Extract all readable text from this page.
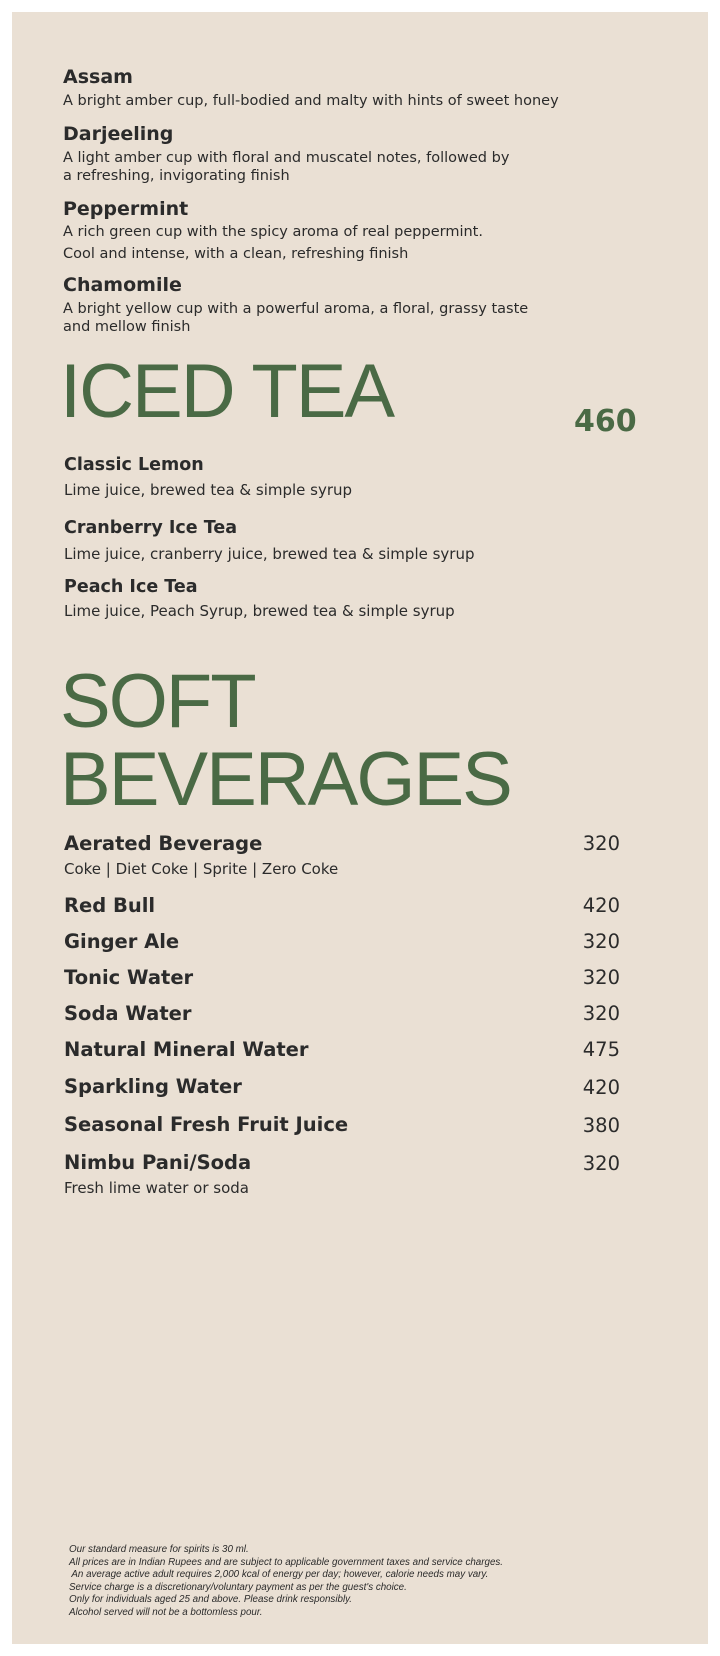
Assam
A bright amber cup, full-bodied and malty with hints of sweet honey
Darjeeling
A light amber cup with floral and muscatel notes, followed by
a refreshing, invigorating finish
Peppermint
A rich green cup with the spicy aroma of real peppermint.
Cool and intense, with a clean, refreshing finish
Chamomile
A bright yellow cup with a powerful aroma, a floral, grassy taste
and mellow finish
ICED TEA	460
Classic Lemon
Lime juice, brewed tea & simple syrup
Cranberry Ice Tea
Lime juice, cranberry juice, brewed tea & simple syrup
Peach Ice Tea
Lime juice, Peach Syrup, brewed tea & simple syrup
SOFT
BEVERAGES
Aerated Beverage	320
Coke | Diet Coke | Sprite | Zero Coke
Red Bull	420
Ginger Ale	320
Tonic Water	320
Soda Water	320
Natural Mineral Water	475
Sparkling Water	420
Seasonal Fresh Fruit Juice	380
Nimbu Pani/Soda	320
Fresh lime water or soda
Our standard measure for spirits is 30 ml.
All prices are in Indian Rupees and are subject to applicable government taxes and service charges.
An average active adult requires 2,000 kcal of energy per day; however, calorie needs may vary.
Service charge is a discretionary/voluntary payment as per the guest's choice.
Only for individuals aged 25 and above. Please drink responsibly.
Alcohol served will not be a bottomless pour.
